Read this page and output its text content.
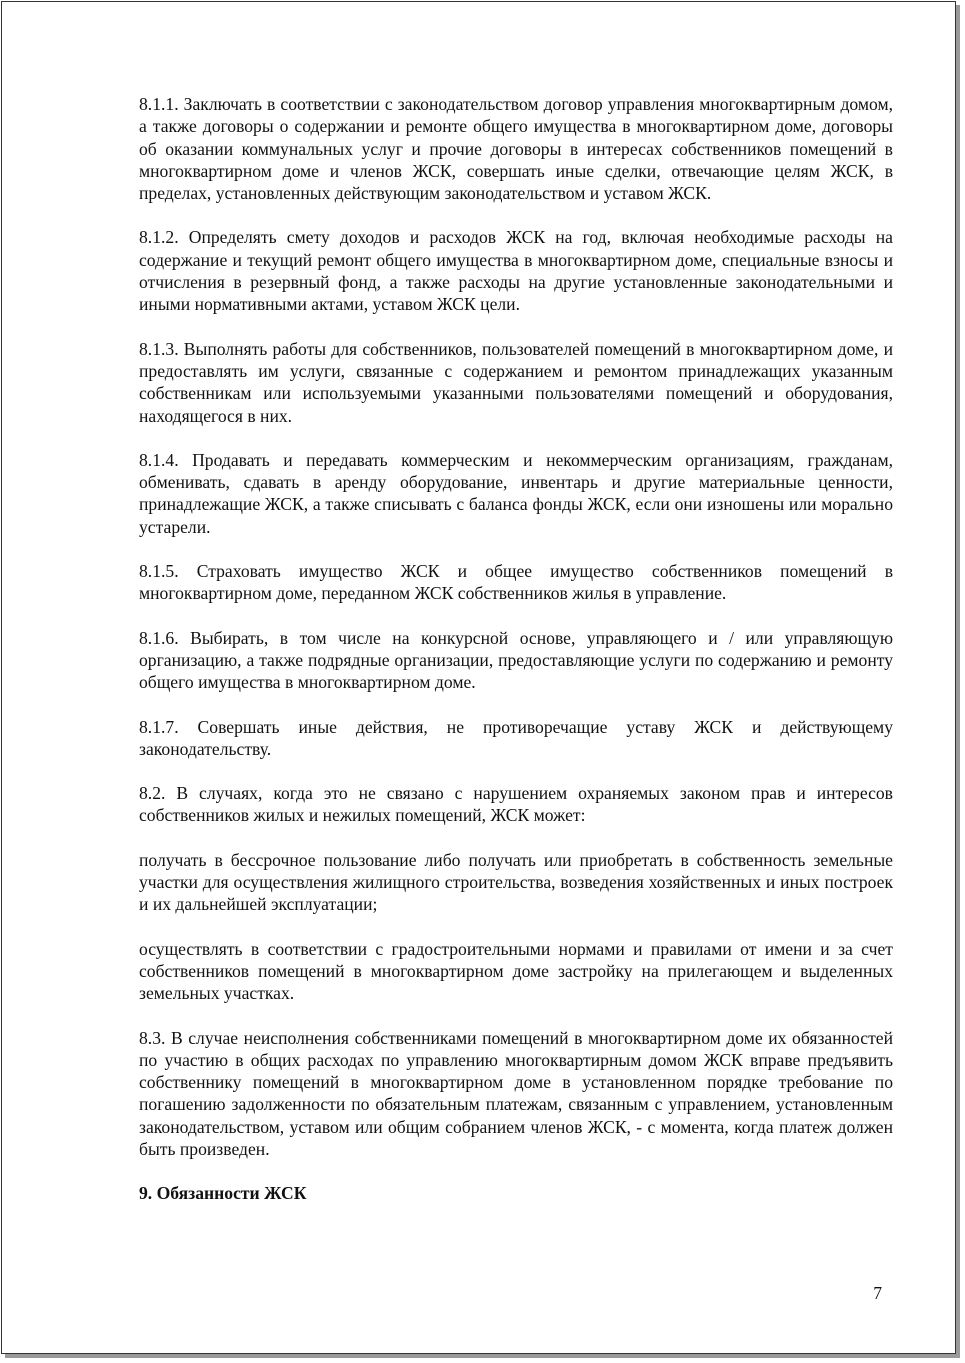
8.1.1. Заключать в соответствии с законодательством договор управления многоквартирным домом, а также договоры о содержании и ремонте общего имущества в многоквартирном доме, договоры об оказании коммунальных услуг и прочие договоры в интересах собственников помещений в многоквартирном доме и членов ЖСК, совершать иные сделки, отвечающие целям ЖСК, в пределах, установленных действующим законодательством и уставом ЖСК.

8.1.2. Определять смету доходов и расходов ЖСК на год, включая необходимые расходы на содержание и текущий ремонт общего имущества в многоквартирном доме, специальные взносы и отчисления в резервный фонд, а также расходы на другие установленные законодательными и иными нормативными актами, уставом ЖСК цели.

8.1.3. Выполнять работы для собственников, пользователей помещений в многоквартирном доме, и предоставлять им услуги, связанные с содержанием и ремонтом принадлежащих указанным собственникам или используемыми указанными пользователями помещений и оборудования, находящегося в них.

8.1.4. Продавать и передавать коммерческим и некоммерческим организациям, гражданам, обменивать, сдавать в аренду оборудование, инвентарь и другие материальные ценности, принадлежащие ЖСК, а также списывать с баланса фонды ЖСК, если они изношены или морально устарели.

8.1.5. Страховать имущество ЖСК и общее имущество собственников помещений в многоквартирном доме, переданном ЖСК собственников жилья в управление.

8.1.6. Выбирать, в том числе на конкурсной основе, управляющего и / или управляющую организацию, а также подрядные организации, предоставляющие услуги по содержанию и ремонту общего имущества в многоквартирном доме.

8.1.7. Совершать иные действия, не противоречащие уставу ЖСК и действующему законодательству.

8.2. В случаях, когда это не связано с нарушением охраняемых законом прав и интересов собственников жилых и нежилых помещений, ЖСК может:

получать в бессрочное пользование либо получать или приобретать в собственность земельные участки для осуществления жилищного строительства, возведения хозяйственных и иных построек и их дальнейшей эксплуатации;

осуществлять в соответствии с градостроительными нормами и правилами от имени и за счет собственников помещений в многоквартирном доме застройку на прилегающем и выделенных земельных участках.

8.3. В случае неисполнения собственниками помещений в многоквартирном доме их обязанностей по участию в общих расходах по управлению многоквартирным домом ЖСК вправе предъявить собственнику помещений в многоквартирном доме в установленном порядке требование по погашению задолженности по обязательным платежам, связанным с управлением, установленным законодательством, уставом или общим собранием членов ЖСК, - с момента, когда платеж должен быть произведен.

9. Обязанности ЖСК

7
